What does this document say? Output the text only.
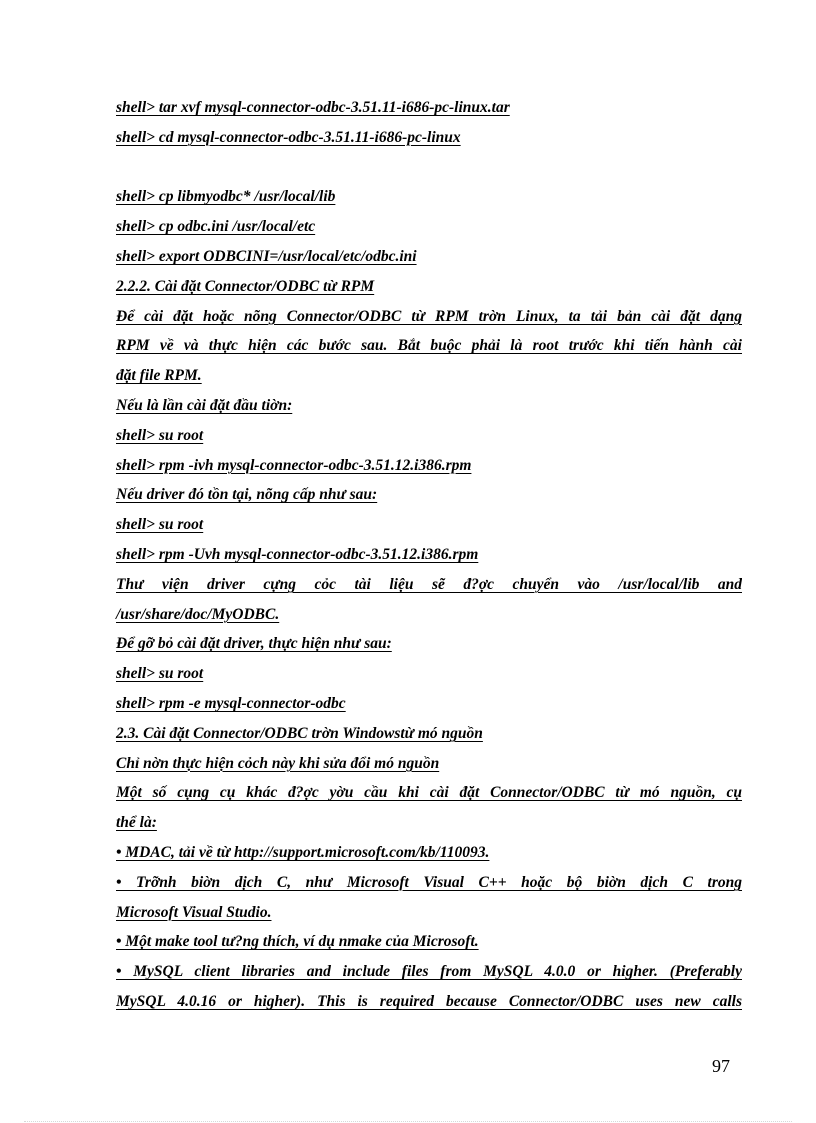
shell> tar xvf mysql-connector-odbc-3.51.11-i686-pc-linux.tar
shell> cd mysql-connector-odbc-3.51.11-i686-pc-linux
shell> cp libmyodbc* /usr/local/lib
shell> cp odbc.ini /usr/local/etc
shell> export ODBCINI=/usr/local/etc/odbc.ini
2.2.2. Cài đặt Connector/ODBC từ RPM
Để cài đặt hoặc nõng Connector/ODBC từ RPM trờn Linux, ta tải bản cài đặt dạng
RPM về và thực hiện các bước sau. Bắt buộc phải là root trước khi tiến hành cài
đặt file RPM.
Nếu là lần cài đặt đầu tiờn:
shell> su root
shell> rpm -ivh mysql-connector-odbc-3.51.12.i386.rpm
Nếu driver đó tồn tại, nõng cấp như sau:
shell> su root
shell> rpm -Uvh mysql-connector-odbc-3.51.12.i386.rpm
Thư viện driver cựng cỏc tài liệu sẽ đ?ợc chuyển vào /usr/local/lib and
/usr/share/doc/MyODBC.
Để gỡ bỏ cài đặt driver, thực hiện như sau:
shell> su root
shell> rpm -e mysql-connector-odbc
2.3. Cài đặt Connector/ODBC trờn Windowstừ mó nguồn
Chỉ nờn thực hiện cỏch này khi sửa đổi mó nguồn
Một số cụng cụ khác đ?ợc yờu cầu khi cài đặt Connector/ODBC từ mó nguồn, cụ
thể là:
• MDAC, tải về từ http://support.microsoft.com/kb/110093.
• Trỡnh biờn dịch C, như Microsoft Visual C++ hoặc bộ biờn dịch C trong
Microsoft Visual Studio.
• Một make tool tư?ng thích, ví dụ nmake của Microsoft.
• MySQL client libraries and include files from MySQL 4.0.0 or higher. (Preferably
MySQL 4.0.16 or higher). This is required because Connector/ODBC uses new calls
97
